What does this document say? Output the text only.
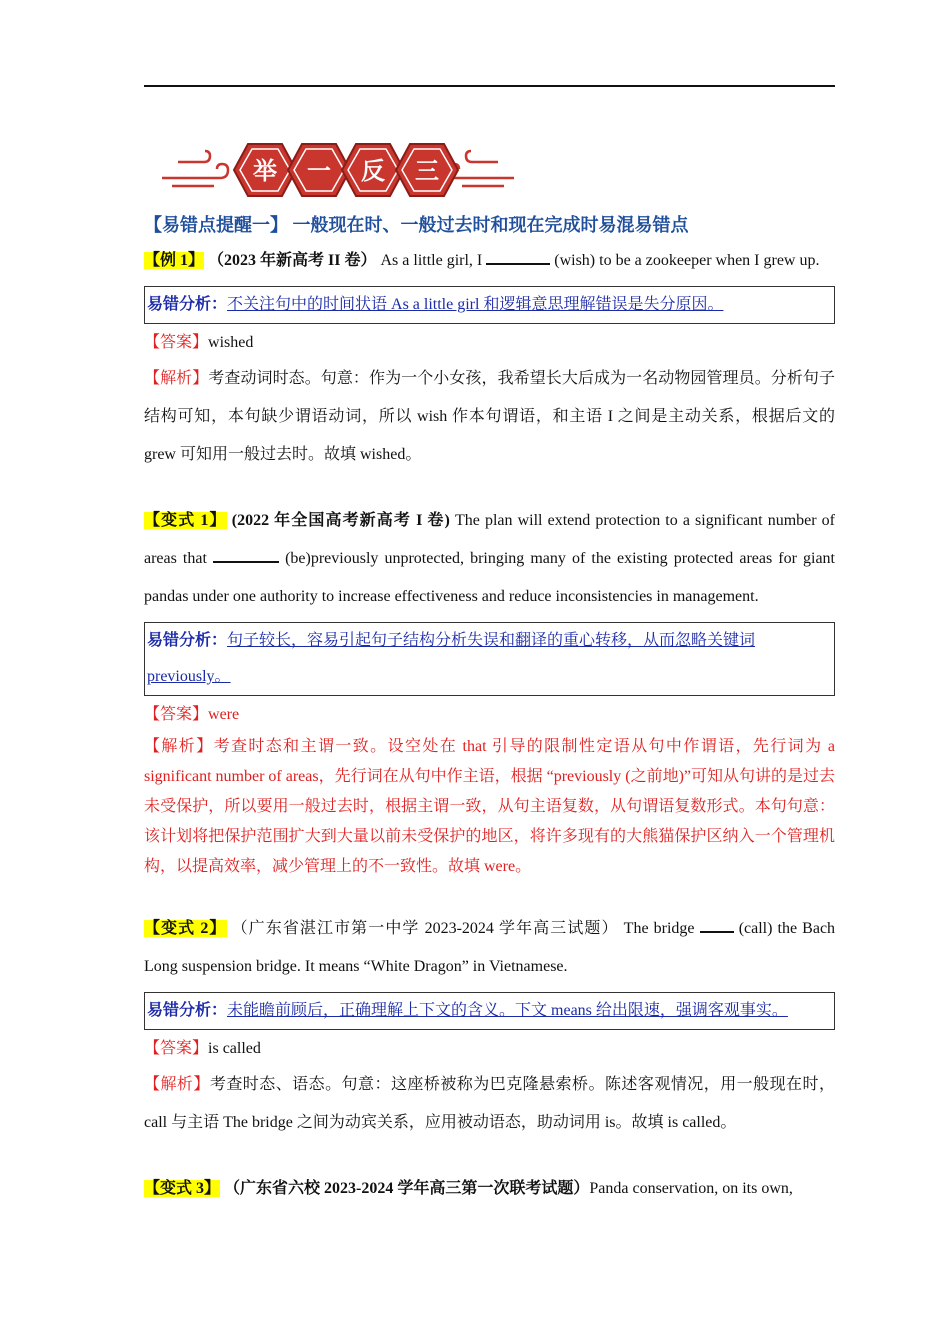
举 一 反 三

【易错点提醒一】 一般现在时、一般过去时和现在完成时易混易错点

【例 1】 （2023 年新高考 II 卷） As a little girl, I	(wish) to be a zookeeper when I grew up.

易错分析：不关注句中的时间状语 As a little girl 和逻辑意思理解错误是失分原因。

【答案】wished

【解析】考查动词时态。句意：作为一个小女孩，我希望长大后成为一名动物园管理员。分析句子结构可知，本句缺少谓语动词，所以 wish 作本句谓语，和主语 I 之间是主动关系，根据后文的 grew 可知用一般过去时。故填 wished。

【变式 1】 (2022 年全国高考新高考 I 卷) The plan will extend protection to a significant number of areas that	(be)previously unprotected, bringing many of the existing protected areas for giant pandas under one authority to increase effectiveness and reduce inconsistencies in management.

易错分析：句子较长，容易引起句子结构分析失误和翻译的重心转移，从而忽略关键词 previously。

【答案】were

【解析】考查时态和主谓一致。设空处在 that 引导的限制性定语从句中作谓语，先行词为 a significant number of areas，先行词在从句中作主语，根据 “previously (之前地)”可知从句讲的是过去未受保护，所以要用一般过去时，根据主谓一致，从句主语复数，从句谓语复数形式。本句句意：该计划将把保护范围扩大到大量以前未受保护的地区，将许多现有的大熊猫保护区纳入一个管理机构，以提高效率，减少管理上的不一致性。故填 were。

【变式 2】 （广东省湛江市第一中学 2023-2024 学年高三试题） The bridge	(call) the Bach Long suspension bridge. It means “White Dragon” in Vietnamese.

易错分析：未能瞻前顾后，正确理解上下文的含义。下文 means 给出限速，强调客观事实。

【答案】is called

【解析】考查时态、语态。句意：这座桥被称为巴克隆悬索桥。陈述客观情况，用一般现在时，call 与主语 The bridge 之间为动宾关系，应用被动语态，助动词用 is。故填 is called。

【变式 3】 （广东省六校 2023-2024 学年高三第一次联考试题）Panda conservation, on its own,
